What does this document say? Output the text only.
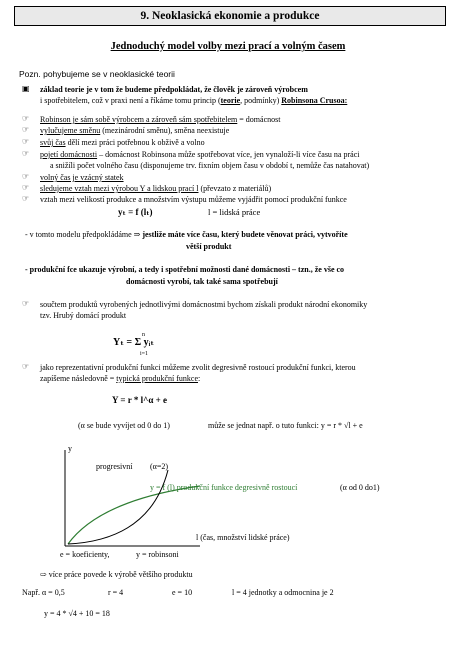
9. Neoklasická ekonomie a produkce
Jednoduchý model volby mezi prací a volným časem
Pozn. pohybujeme se v neoklasické teorii
▣ základ teorie je v tom že budeme předpokládat, že člověk je zároveň výrobcem
i spotřebitelem, což v praxi není a říkáme tomu princip (teorie, podmínky) Robinsona Crusoa:
☞ Robinson je sám sobě výrobcem a zároveň sám spotřebitelem = domácnost
☞ vylučujeme směnu (mezinárodní směnu), směna neexistuje
☞ svůj čas dělí mezi práci potřebnou k obživě a volno
☞ pojetí domácnosti – domácnost Robinsona může spotřebovat více, jen vynaloží-li více času na práci
a snižíli počet volného času (disponujeme trv. fixním objem času v období t, nemůže čas natahovat)
☞ volný čas je vzácný statek
☞ sledujeme vztah mezi výrobou Y a lidskou prací l (převzato z materiálů)
☞ vztah mezi velikostí produkce a množstvím výstupu můžeme vyjádřit pomocí produkční funkce
yₜ = f (lₜ)	l = lidská práce
- v tomto modelu předpokládáme ⇒ jestliže máte více času, který budete věnovat práci, vytvoříte
větší produkt
- produkční fce ukazuje výrobní, a tedy i spotřební možnosti dané domácnosti – tzn., že vše co
domácnosti vyrobí, tak také sama spotřebují
☞ součtem produktů vyrobených jednotlivými domácnostmi bychom získali produkt národní ekonomiky
tzv. Hrubý domácí produkt
n
Yₜ = Σ yᵢₜ
i=1
☞ jako reprezentativní produkční funkci můžeme zvolit degresivně rostoucí produkční funkci, kterou
zapíšeme následovně = typická produkční funkce:
Y = r * l^α + e
(α se bude vyvíjet od 0 do 1)	může se jednat např. o tuto funkci: y = r * √l + e
y
progresivní (α=2)
y = f (l) produkční funkce degresivně rostoucí	(α od 0 do1)
l (čas, množství lidské práce)
e = koeficienty,	y = robinsoni
⇨ více práce povede k výrobě většího produktu
Např. α = 0,5	r = 4	e = 10	l = 4 jednotky a odmocnina je 2
y = 4 * √4 + 10 = 18
